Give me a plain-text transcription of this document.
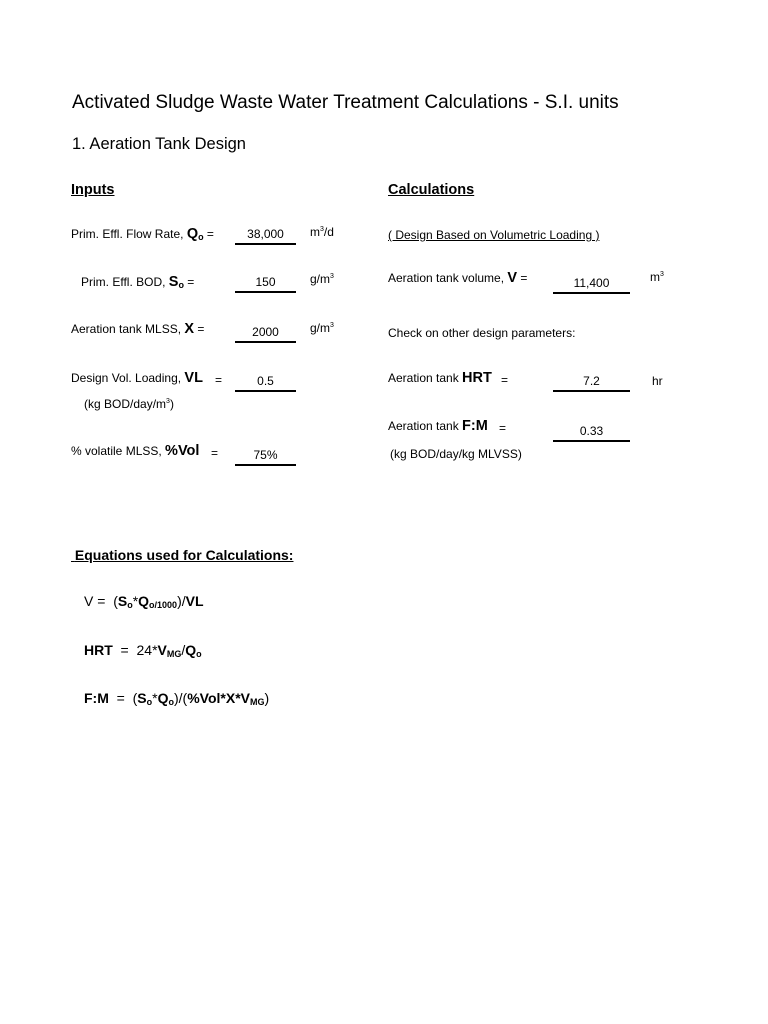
Activated Sludge Waste Water Treatment Calculations - S.I. units
1. Aeration Tank Design
Inputs	Calculations
Prim. Effl. Flow Rate, $Q_o$ =	38,000	$m^3/d$
Prim. Effl. BOD, $S_o$ =	150	$g/m^3$
Aeration tank MLSS, X =	2000	$g/m^3$
Design Vol. Loading, VL =	0.5
(kg BOD/$day/m^3$)
% volatile MLSS, %Vol =	75%
( Design Based on Volumetric Loading )
Aeration tank volume, V =	11,400	$m^3$
Check on other design parameters:
Aeration tank HRT =	7.2	hr
Aeration tank F:M =	0.33
(kg BOD/day/kg MLVSS)
Equations used for Calculations:
$V = (S_o*Q_{o/1000})/VL$
HRT  =  $24*V_{MG}/Q_o$
F:M  =  $(S_o*Q_o)/(\%Vol*X*V_{MG})$
